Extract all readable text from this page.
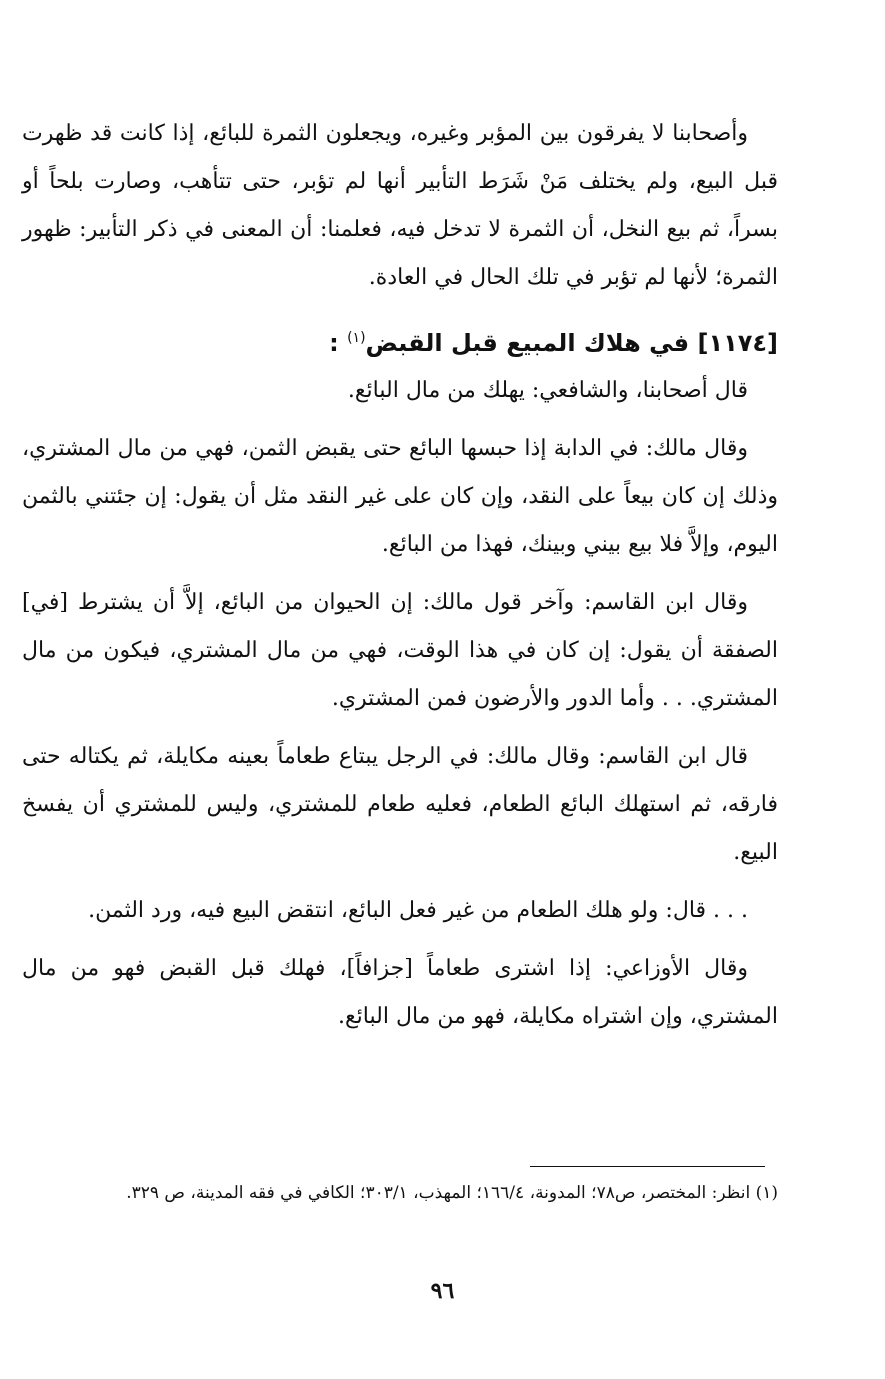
وأصحابنا لا يفرقون بين المؤبر وغيره، ويجعلون الثمرة للبائع، إذا كانت قد ظهرت قبل البيع، ولم يختلف مَنْ شَرَط التأبير أنها لم تؤبر، حتى تتأهب، وصارت بلحاً أو بسراً، ثم بيع النخل، أن الثمرة لا تدخل فيه، فعلمنا: أن المعنى في ذكر التأبير: ظهور الثمرة؛ لأنها لم تؤبر في تلك الحال في العادة.

[١١٧٤] في هلاك المبيع قبل القبض$^{(١)}$ :

قال أصحابنا، والشافعي: يهلك من مال البائع.

وقال مالك: في الدابة إذا حبسها البائع حتى يقبض الثمن، فهي من مال المشتري، وذلك إن كان بيعاً على النقد، وإن كان على غير النقد مثل أن يقول: إن جئتني بالثمن اليوم، وإلاَّ فلا بيع بيني وبينك، فهذا من البائع.

وقال ابن القاسم: وآخر قول مالك: إن الحيوان من البائع، إلاَّ أن يشترط [في] الصفقة أن يقول: إن كان في هذا الوقت، فهي من مال المشتري، فيكون من مال المشتري. . . وأما الدور والأرضون فمن المشتري.

قال ابن القاسم: وقال مالك: في الرجل يبتاع طعاماً بعينه مكايلة، ثم يكتاله حتى فارقه، ثم استهلك البائع الطعام، فعليه طعام للمشتري، وليس للمشتري أن يفسخ البيع.

. . . قال: ولو هلك الطعام من غير فعل البائع، انتقض البيع فيه، ورد الثمن.

وقال الأوزاعي: إذا اشترى طعاماً [جزافاً]، فهلك قبل القبض فهو من مال المشتري، وإن اشتراه مكايلة، فهو من مال البائع.

(١) انظر: المختصر، ص٧٨؛ المدونة، ١٦٦/٤؛ المهذب، ٣٠٣/١؛ الكافي في فقه المدينة، ص ٣٢٩.
٩٦
